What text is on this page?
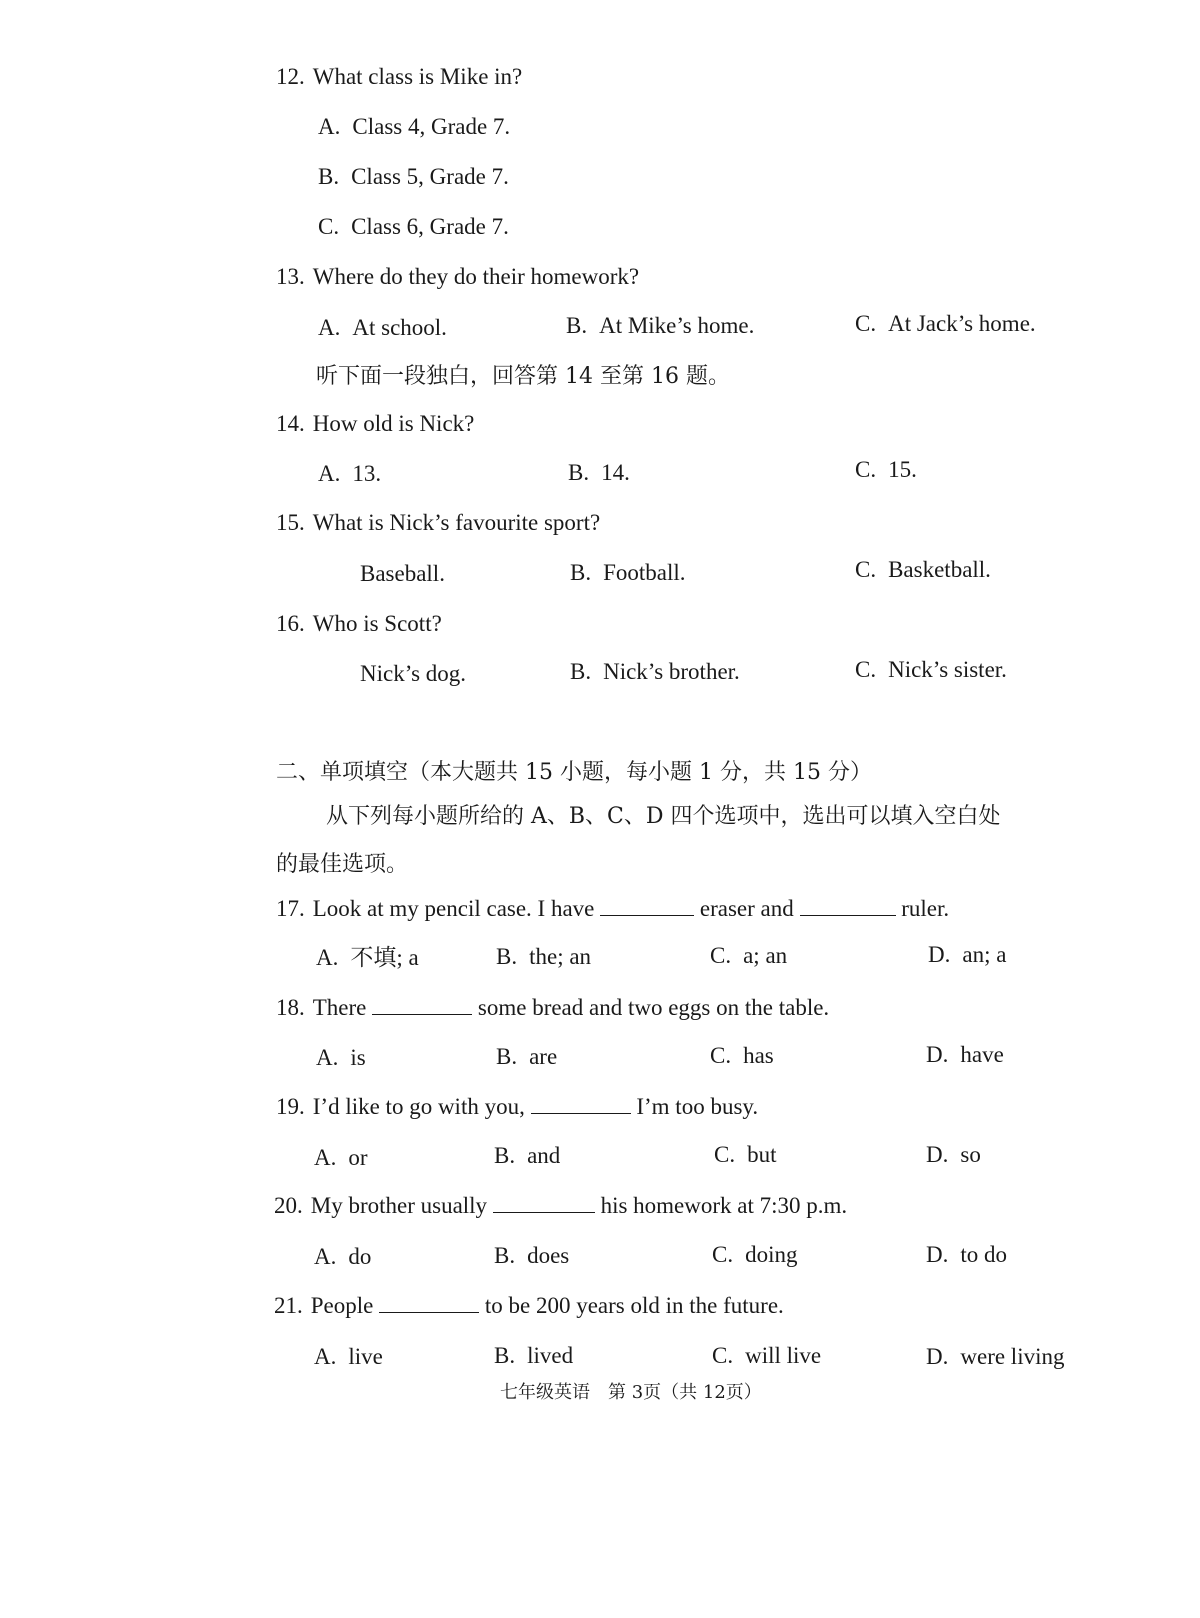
12. What class is Mike in?
A. Class 4, Grade 7.
B. Class 5, Grade 7.
C. Class 6, Grade 7.
13. Where do they do their homework?
A. At school.	B. At Mike’s home.	C. At Jack’s home.
听下面一段独白，回答第 14 至第 16 题。
14. How old is Nick?
A. 13.	B. 14.	C. 15.
15. What is Nick’s favourite sport?
Baseball.	B. Football.	C. Basketball.
16. Who is Scott?
Nick’s dog.	B. Nick’s brother.	C. Nick’s sister.
二、单项填空（本大题共 15 小题，每小题 1 分，共 15 分）
从下列每小题所给的 A、B、C、D 四个选项中，选出可以填入空白处
的最佳选项。
17. Look at my pencil case. I have	eraser and	ruler.
A. 不填; a	B. the; an	C. a; an	D. an; a
18. There	some bread and two eggs on the table.
A. is	B. are	C. has	D. have
19. I’d like to go with you,	I’m too busy.
A. or	B. and	C. but	D. so
20. My brother usually	his homework at 7:30 p.m.
A. do	B. does	C. doing	D. to do
21. People	to be 200 years old in the future.
A. live	B. lived	C. will live	D. were living
七年级英语　第 3页（共 12页）
